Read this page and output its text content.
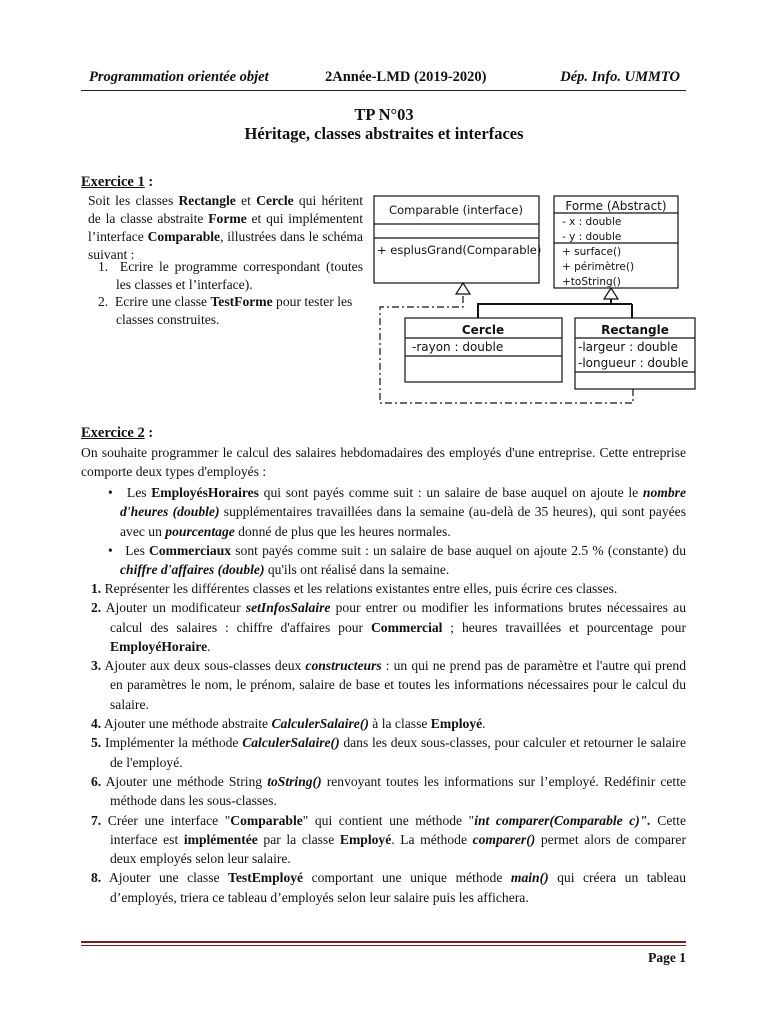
Programmation orientée objet	2Année-LMD (2019-2020)	Dép. Info. UMMTO
TP N°03
Héritage, classes abstraites et interfaces
Exercice 1 :
Soit les classes Rectangle et Cercle qui héritent de la classe abstraite Forme et qui implémentent l’interface Comparable, illustrées dans le schéma suivant :
1. Ecrire le programme correspondant (toutes les classes et l’interface).
2. Ecrire une classe TestForme pour tester les classes construites.
Comparable (interface)
+ esplusGrand(Comparable)
Forme (Abstract)
- x : double
- y : double
+ surface()
+ périmètre()
+toString()
Cercle
-rayon : double
Rectangle
-largeur : double
-longueur : double
Exercice 2 :
On souhaite programmer le calcul des salaires hebdomadaires des employés d'une entreprise. Cette entreprise comporte deux types d'employés :
•   Les EmployésHoraires qui sont payés comme suit : un salaire de base auquel on ajoute le nombre d'heures (double) supplémentaires travaillées dans la semaine (au-delà de 35 heures), qui sont payées avec un pourcentage donné de plus que les heures normales.
•   Les Commerciaux sont payés comme suit : un salaire de base auquel on ajoute 2.5 % (constante) du chiffre d'affaires (double) qu'ils ont réalisé dans la semaine.
1. Représenter les différentes classes et les relations existantes entre elles, puis écrire ces classes.
2. Ajouter un modificateur setInfosSalaire pour entrer ou modifier les informations brutes nécessaires au calcul des salaires : chiffre d'affaires pour Commercial ; heures travaillées et pourcentage pour EmployéHoraire.
3. Ajouter aux deux sous-classes deux constructeurs : un qui ne prend pas de paramètre et l'autre qui prend en paramètres le nom, le prénom, salaire de base et toutes les informations nécessaires pour le calcul du salaire.
4. Ajouter une méthode abstraite CalculerSalaire() à la classe Employé.
5. Implémenter la méthode CalculerSalaire() dans les deux sous-classes, pour calculer et retourner le salaire de l'employé.
6. Ajouter une méthode String toString() renvoyant toutes les informations sur l’employé. Redéfinir cette méthode dans les sous-classes.
7. Créer une interface "Comparable" qui contient une méthode "int comparer(Comparable c)". Cette interface est implémentée par la classe Employé. La méthode comparer() permet alors de comparer deux employés selon leur salaire.
8. Ajouter une classe TestEmployé comportant une unique méthode main() qui créera un tableau d’employés, triera ce tableau d’employés selon leur salaire puis les affichera.
Page 1
